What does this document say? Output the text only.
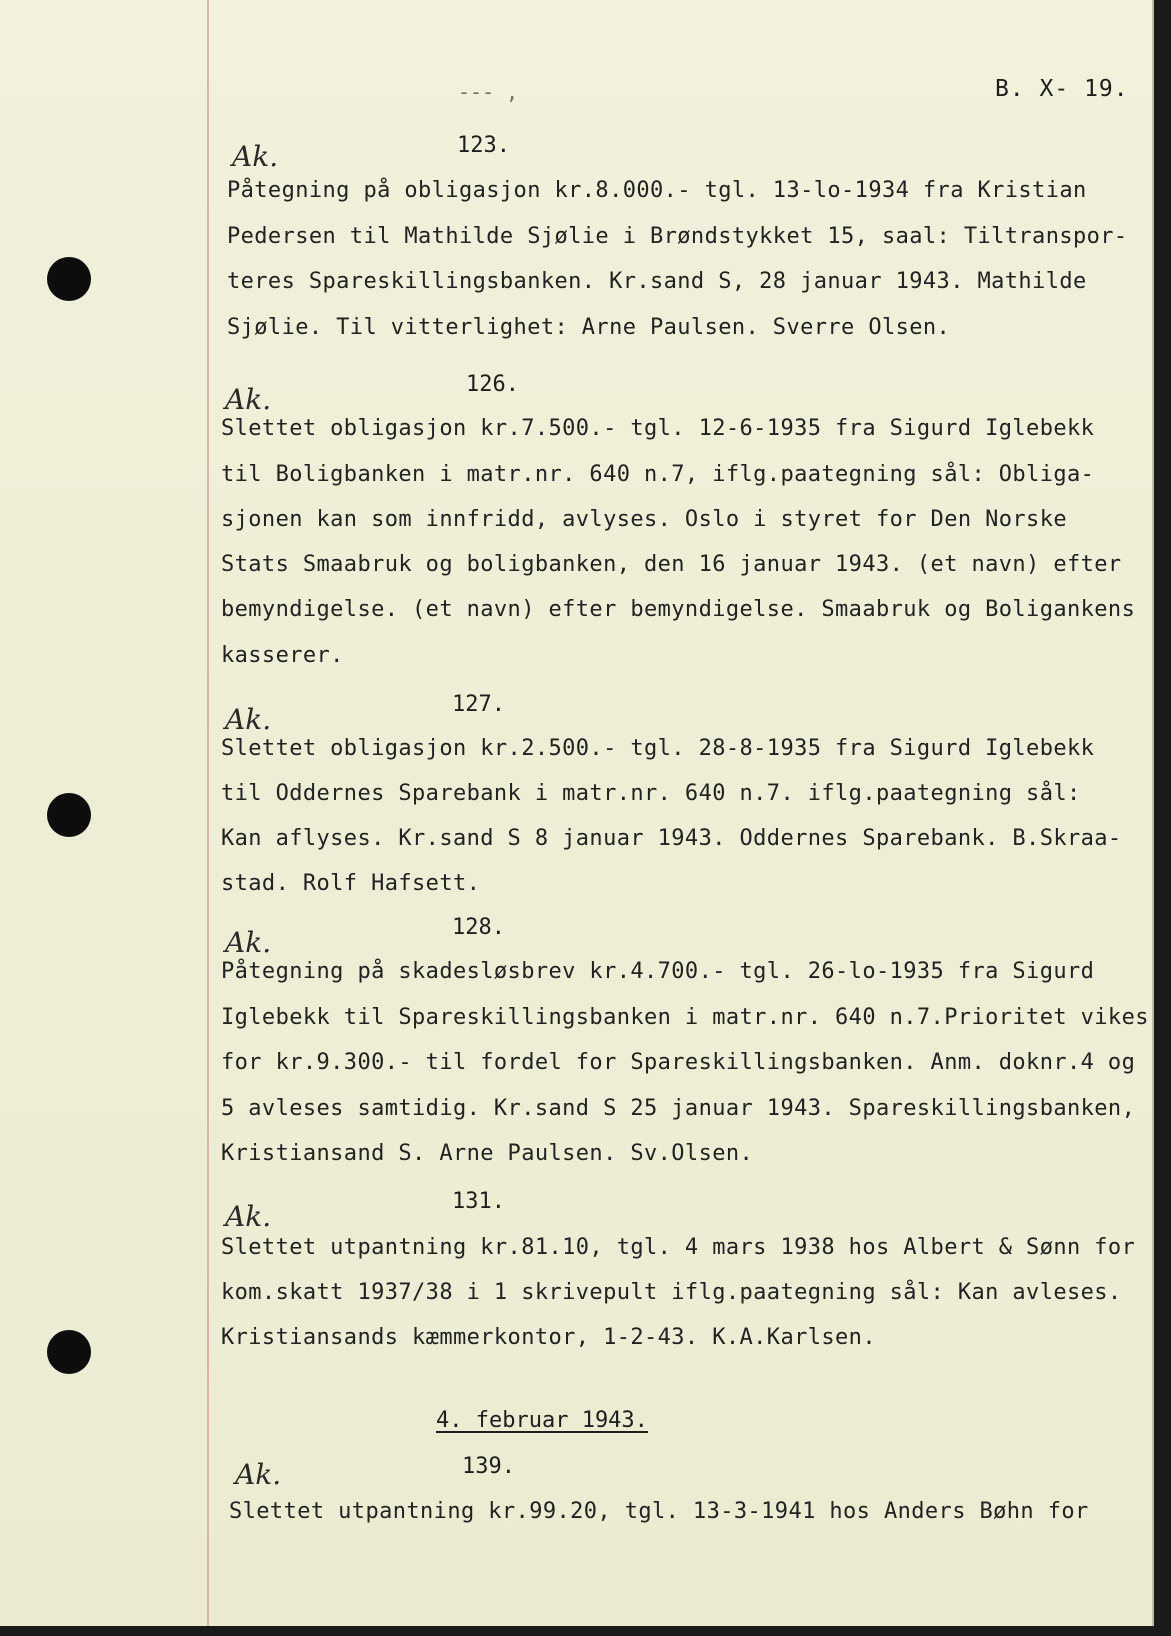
--- ,	B. X- 19.
Ak.	123.
Påtegning på obligasjon kr.8.000.- tgl. 13-lo-1934 fra Kristian
Pedersen til Mathilde Sjølie i Brøndstykket 15, saal: Tiltranspor-
teres Spareskillingsbanken. Kr.sand S, 28 januar 1943. Mathilde
Sjølie. Til vitterlighet: Arne Paulsen. Sverre Olsen.
Ak.	126.
Slettet obligasjon kr.7.500.- tgl. 12-6-1935 fra Sigurd Iglebekk
til Boligbanken i matr.nr. 640 n.7, iflg.paategning sål: Obliga-
sjonen kan som innfridd, avlyses. Oslo i styret for Den Norske
Stats Smaabruk og boligbanken, den 16 januar 1943. (et navn) efter
bemyndigelse. (et navn) efter bemyndigelse. Smaabruk og Boligankens
kasserer.
Ak.	127.
Slettet obligasjon kr.2.500.- tgl. 28-8-1935 fra Sigurd Iglebekk
til Oddernes Sparebank i matr.nr. 640 n.7. iflg.paategning sål:
Kan aflyses. Kr.sand S 8 januar 1943. Oddernes Sparebank. B.Skraa-
stad. Rolf Hafsett.
Ak.	128.
Påtegning på skadesløsbrev kr.4.700.- tgl. 26-lo-1935 fra Sigurd
Iglebekk til Spareskillingsbanken i matr.nr. 640 n.7.Prioritet vikes
for kr.9.300.- til fordel for Spareskillingsbanken. Anm. doknr.4 og
5 avleses samtidig. Kr.sand S 25 januar 1943. Spareskillingsbanken,
Kristiansand S. Arne Paulsen. Sv.Olsen.
Ak.	131.
Slettet utpantning kr.81.10, tgl. 4 mars 1938 hos Albert & Sønn for
kom.skatt 1937/38 i 1 skrivepult iflg.paategning sål: Kan avleses.
Kristiansands kæmmerkontor, 1-2-43. K.A.Karlsen.
4. februar 1943.
Ak.	139.
Slettet utpantning kr.99.20, tgl. 13-3-1941 hos Anders Bøhn for
